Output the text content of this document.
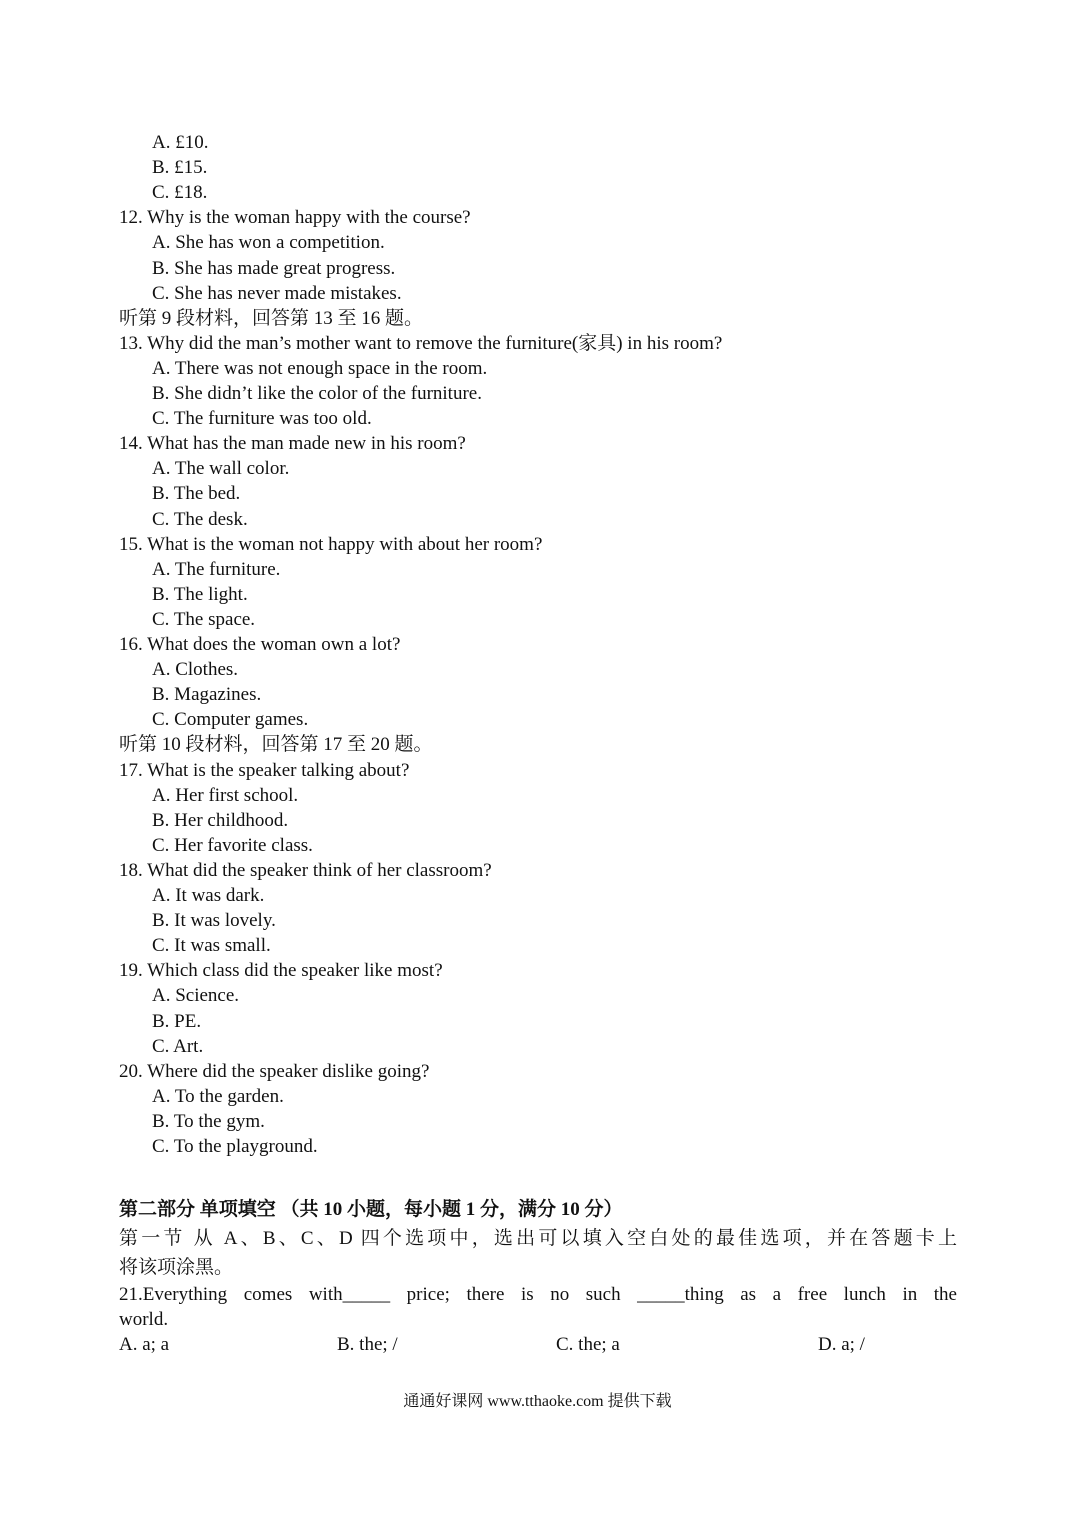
A. £10.
B. £15.
C. £18.
12. Why is the woman happy with the course?
A. She has won a competition.
B. She has made great progress.
C. She has never made mistakes.
听第 9 段材料，回答第 13 至 16 题。
13. Why did the man’s mother want to remove the furniture(家具) in his room?
A. There was not enough space in the room.
B. She didn’t like the color of the furniture.
C. The furniture was too old.
14. What has the man made new in his room?
A. The wall color.
B. The bed.
C. The desk.
15. What is the woman not happy with about her room?
A. The furniture.
B. The light.
C. The space.
16. What does the woman own a lot?
A. Clothes.
B. Magazines.
C. Computer games.
听第 10 段材料，回答第 17 至 20 题。
17. What is the speaker talking about?
A. Her first school.
B. Her childhood.
C. Her favorite class.
18. What did the speaker think of her classroom?
A. It was dark.
B. It was lovely.
C. It was small.
19. Which class did the speaker like most?
A. Science.
B. PE.
C. Art.
20. Where did the speaker dislike going?
A. To the garden.
B. To the gym.
C. To the playground.
第二部分 单项填空 （共 10 小题，每小题 1 分，满分 10 分）
第一节 从 A、B、C、D 四个选项中，选出可以填入空白处的最佳选项，并在答题卡上
将该项涂黑。
21.Everything comes with_____ price; there is no such _____thing as a free lunch in the
world.
A. a; a	B. the; /	C. the; a	D. a; /
通通好课网 www.tthaoke.com 提供下载
